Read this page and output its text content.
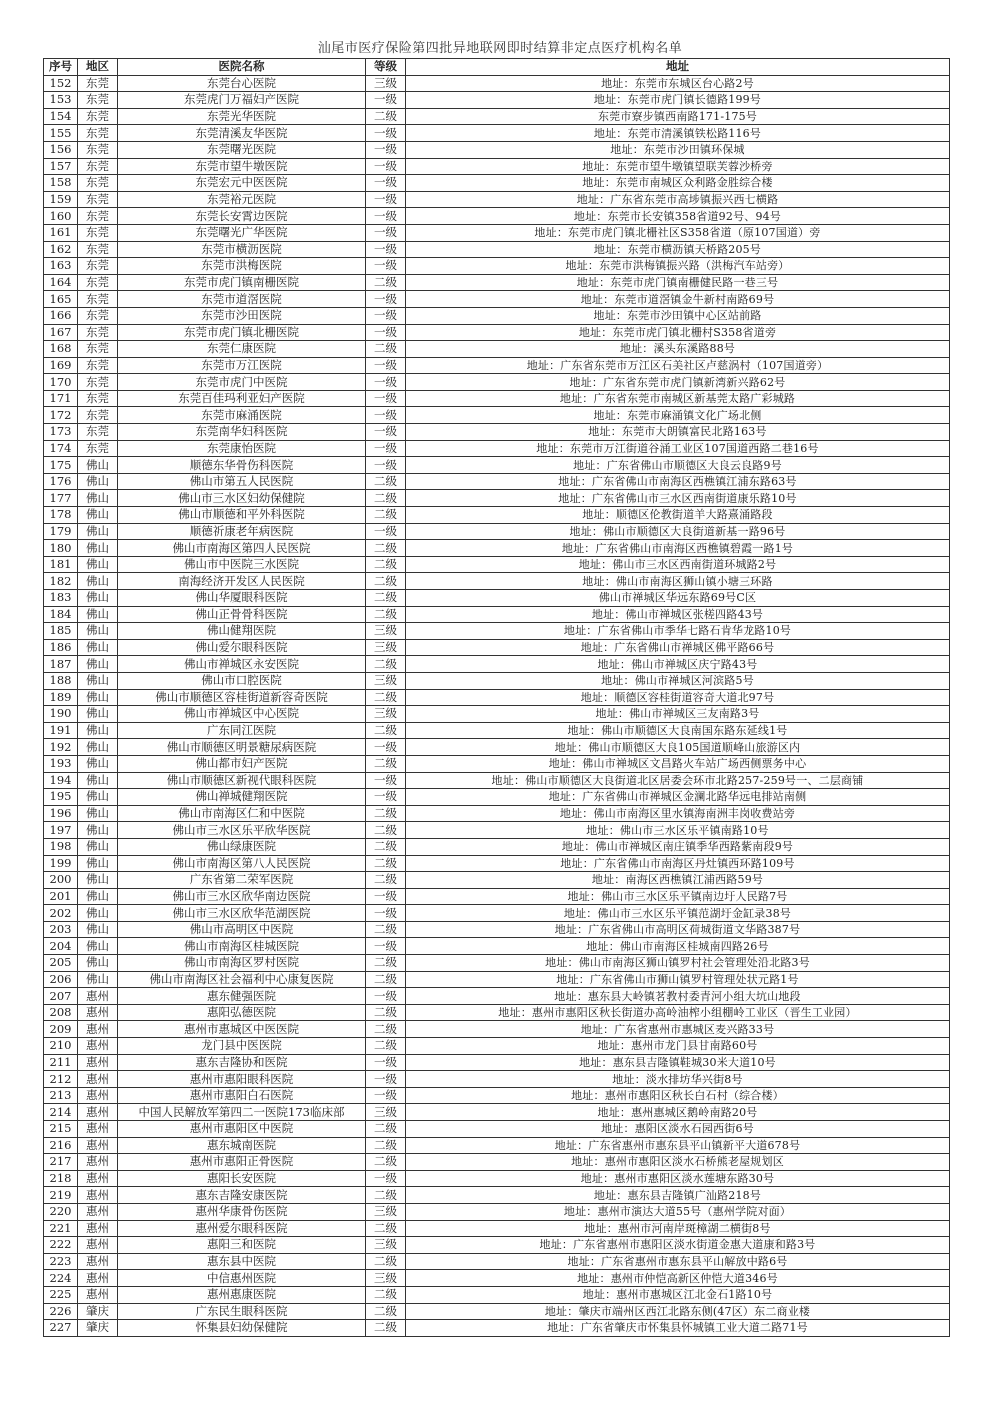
汕尾市医疗保险第四批异地联网即时结算非定点医疗机构名单
序号	地区	医院名称	等级	地址
152	东莞	东莞台心医院	三级	地址：东莞市东城区台心路2号
153	东莞	东莞虎门万福妇产医院	一级	地址：东莞市虎门镇长德路199号
154	东莞	东莞光华医院	二级	东莞市寮步镇西南路171-175号
155	东莞	东莞清溪友华医院	一级	地址：东莞市清溪镇铁松路116号
156	东莞	东莞曙光医院	一级	地址：东莞市沙田镇环保城
157	东莞	东莞市望牛墩医院	一级	地址：东莞市望牛墩镇望联芙蓉沙桥旁
158	东莞	东莞宏元中医医院	一级	地址：东莞市南城区众利路金胜综合楼
159	东莞	东莞裕元医院	一级	地址：广东省东莞市高埗镇振兴西七横路
160	东莞	东莞长安霄边医院	一级	地址：东莞市长安镇358省道92号、94号
161	东莞	东莞曙光广华医院	一级	地址：东莞市虎门镇北栅社区S358省道（原107国道）旁
162	东莞	东莞市横沥医院	一级	地址：东莞市横沥镇天桥路205号
163	东莞	东莞市洪梅医院	一级	地址：东莞市洪梅镇振兴路（洪梅汽车站旁）
164	东莞	东莞市虎门镇南栅医院	二级	地址：东莞市虎门镇南栅健民路一巷三号
165	东莞	东莞市道滘医院	一级	地址：东莞市道滘镇金牛新村南路69号
166	东莞	东莞市沙田医院	一级	地址：东莞市沙田镇中心区站前路
167	东莞	东莞市虎门镇北栅医院	一级	地址：东莞市虎门镇北栅村S358省道旁
168	东莞	东莞仁康医院	二级	地址：溪头东溪路88号
169	东莞	东莞市万江医院	一级	地址：广东省东莞市万江区石美社区卢慈涡村（107国道旁）
170	东莞	东莞市虎门中医院	一级	地址：广东省东莞市虎门镇新湾新兴路62号
171	东莞	东莞百佳玛利亚妇产医院	一级	地址：广东省东莞市南城区新基莞太路广彩城路
172	东莞	东莞市麻涌医院	一级	地址：东莞市麻涌镇文化广场北侧
173	东莞	东莞南华妇科医院	一级	地址：东莞市大朗镇富民北路163号
174	东莞	东莞康怡医院	一级	地址：东莞市万江街道谷涌工业区107国道西路二巷16号
175	佛山	顺德东华骨伤科医院	一级	地址：广东省佛山市顺德区大良云良路9号
176	佛山	佛山市第五人民医院	二级	地址：广东省佛山市南海区西樵镇江浦东路63号
177	佛山	佛山市三水区妇幼保健院	二级	地址：广东省佛山市三水区西南街道康乐路10号
178	佛山	佛山市顺德和平外科医院	二级	地址：顺德区伦教街道羊大路熹涌路段
179	佛山	顺德祈康老年病医院	一级	地址：佛山市顺德区大良街道新基一路96号
180	佛山	佛山市南海区第四人民医院	二级	地址：广东省佛山市南海区西樵镇碧霞一路1号
181	佛山	佛山市中医院三水医院	二级	地址：佛山市三水区西南街道环城路2号
182	佛山	南海经济开发区人民医院	二级	地址：佛山市南海区狮山镇小塘三环路
183	佛山	佛山华厦眼科医院	二级	佛山市禅城区华远东路69号C区
184	佛山	佛山正骨骨科医院	二级	地址：佛山市禅城区张槎四路43号
185	佛山	佛山健翔医院	三级	地址：广东省佛山市季华七路石肯华龙路10号
186	佛山	佛山爱尔眼科医院	三级	地址：广东省佛山市禅城区佛平路66号
187	佛山	佛山市禅城区永安医院	二级	地址：佛山市禅城区庆宁路43号
188	佛山	佛山市口腔医院	三级	地址：佛山市禅城区河滨路5号
189	佛山	佛山市顺德区容桂街道新容奇医院	二级	地址：顺德区容桂街道容奇大道北97号
190	佛山	佛山市禅城区中心医院	三级	地址：佛山市禅城区三友南路3号
191	佛山	广东同江医院	二级	地址：佛山市顺德区大良南国东路东延线1号
192	佛山	佛山市顺德区明景糖尿病医院	一级	地址：佛山市顺德区大良105国道顺峰山旅游区内
193	佛山	佛山都市妇产医院	二级	地址：佛山市禅城区文昌路火车站广场西侧票务中心
194	佛山	佛山市顺德区新视代眼科医院	一级	地址：佛山市顺德区大良街道北区居委会环市北路257-259号一、二层商铺
195	佛山	佛山禅城健翔医院	一级	地址：广东省佛山市禅城区金澜北路华远电排站南侧
196	佛山	佛山市南海区仁和中医院	二级	地址：佛山市南海区里水镇海南洲丰岗收费站旁
197	佛山	佛山市三水区乐平欣华医院	二级	地址：佛山市三水区乐平镇南路10号
198	佛山	佛山绿康医院	二级	地址：佛山市禅城区南庄镇季华西路紫南段9号
199	佛山	佛山市南海区第八人民医院	二级	地址：广东省佛山市南海区丹灶镇西环路109号
200	佛山	广东省第二荣军医院	二级	地址：南海区西樵镇江浦西路59号
201	佛山	佛山市三水区欣华南边医院	一级	地址：佛山市三水区乐平镇南边圩人民路7号
202	佛山	佛山市三水区欣华范湖医院	一级	地址：佛山市三水区乐平镇范湖圩金缸录38号
203	佛山	佛山市高明区中医院	二级	地址：广东省佛山市高明区荷城街道文华路387号
204	佛山	佛山市南海区桂城医院	一级	地址：佛山市南海区桂城南四路26号
205	佛山	佛山市南海区罗村医院	二级	地址：佛山市南海区狮山镇罗村社会管理处沿北路3号
206	佛山	佛山市南海区社会福利中心康复医院	二级	地址：广东省佛山市狮山镇罗村管理处状元路1号
207	惠州	惠东健强医院	一级	地址：惠东县大岭镇茗教村委青河小组大坑山地段
208	惠州	惠阳弘德医院	二级	地址：惠州市惠阳区秋长街道办高岭油榨小组棚岭工业区（晋生工业园）
209	惠州	惠州市惠城区中医医院	二级	地址：广东省惠州市惠城区麦兴路33号
210	惠州	龙门县中医医院	二级	地址：惠州市龙门县甘南路60号
211	惠州	惠东吉隆协和医院	一级	地址：惠东县吉隆镇鞋城30米大道10号
212	惠州	惠州市惠阳眼科医院	一级	地址：淡水排坊华兴街8号
213	惠州	惠州市惠阳白石医院	一级	地址：惠州市惠阳区秋长白石村（综合楼）
214	惠州	中国人民解放军第四二一医院173临床部	三级	地址：惠州惠城区鹅岭南路20号
215	惠州	惠州市惠阳区中医院	二级	地址：惠阳区淡水石园西街6号
216	惠州	惠东城南医院	二级	地址：广东省惠州市惠东县平山镇新平大道678号
217	惠州	惠州市惠阳正骨医院	二级	地址：惠州市惠阳区淡水石桥熊老屋规划区
218	惠州	惠阳长安医院	一级	地址：惠州市惠阳区淡水莲塘东路30号
219	惠州	惠东吉隆安康医院	二级	地址：惠东县吉隆镇广汕路218号
220	惠州	惠州华康骨伤医院	三级	地址：惠州市演达大道55号（惠州学院对面）
221	惠州	惠州爱尔眼科医院	二级	地址：惠州市河南岸斑樟湖二横街8号
222	惠州	惠阳三和医院	三级	地址：广东省惠州市惠阳区淡水街道金惠大道康和路3号
223	惠州	惠东县中医院	二级	地址：广东省惠州市惠东县平山解放中路6号
224	惠州	中信惠州医院	三级	地址：惠州市仲恺高新区仲恺大道346号
225	惠州	惠州惠康医院	二级	地址：惠州市惠城区江北金石1路10号
226	肇庆	广东民生眼科医院	二级	地址：肇庆市端州区西江北路东侧(47区）东二商业楼
227	肇庆	怀集县妇幼保健院	二级	地址：广东省肇庆市怀集县怀城镇工业大道二路71号
